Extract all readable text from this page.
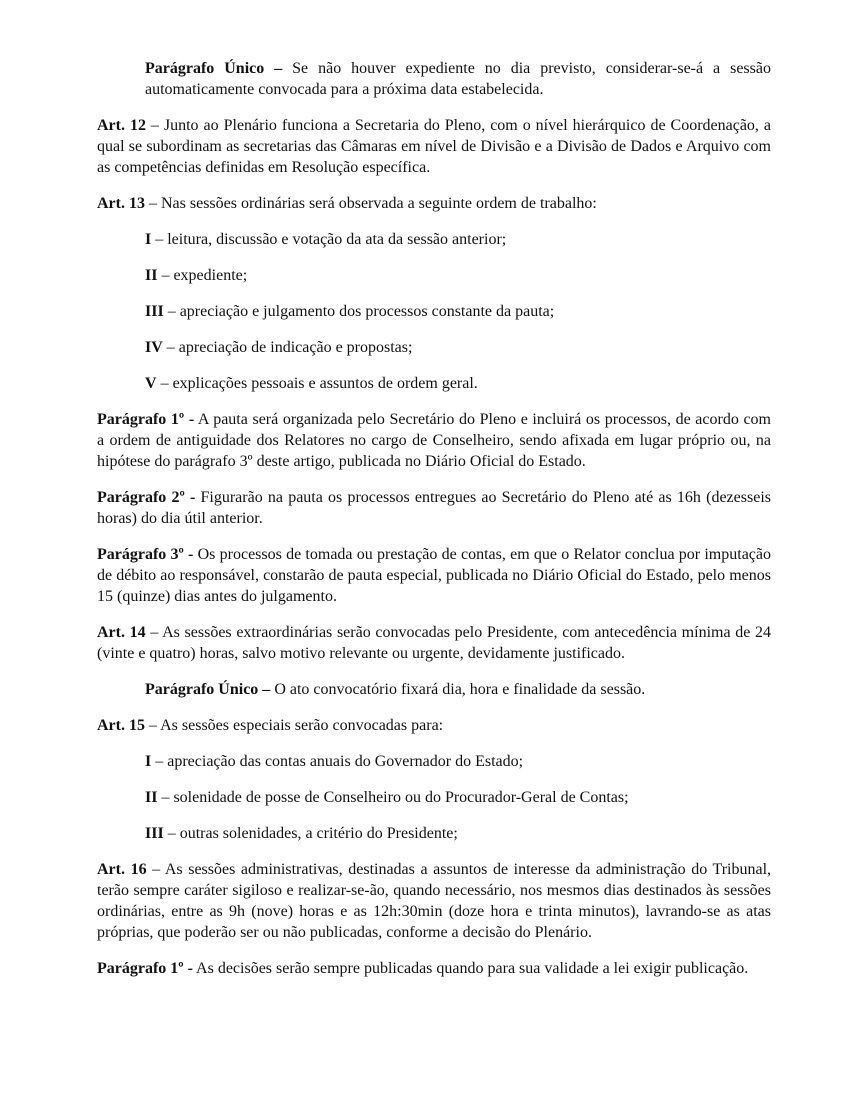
Parágrafo Único – Se não houver expediente no dia previsto, considerar-se-á a sessão automaticamente convocada para a próxima data estabelecida.

Art. 12 – Junto ao Plenário funciona a Secretaria do Pleno, com o nível hierárquico de Coordenação, a qual se subordinam as secretarias das Câmaras em nível de Divisão e a Divisão de Dados e Arquivo com as competências definidas em Resolução específica.

Art. 13 – Nas sessões ordinárias será observada a seguinte ordem de trabalho:

I – leitura, discussão e votação da ata da sessão anterior;

II – expediente;

III – apreciação e julgamento dos processos constante da pauta;

IV – apreciação de indicação e propostas;

V – explicações pessoais e assuntos de ordem geral.

Parágrafo 1º - A pauta será organizada pelo Secretário do Pleno e incluirá os processos, de acordo com a ordem de antiguidade dos Relatores no cargo de Conselheiro, sendo afixada em lugar próprio ou, na hipótese do parágrafo 3º deste artigo, publicada no Diário Oficial do Estado.

Parágrafo 2º - Figurarão na pauta os processos entregues ao Secretário do Pleno até as 16h (dezesseis horas) do dia útil anterior.

Parágrafo 3º - Os processos de tomada ou prestação de contas, em que o Relator conclua por imputação de débito ao responsável, constarão de pauta especial, publicada no Diário Oficial do Estado, pelo menos 15 (quinze) dias antes do julgamento.

Art. 14 – As sessões extraordinárias serão convocadas pelo Presidente, com antecedência mínima de 24 (vinte e quatro) horas, salvo motivo relevante ou urgente, devidamente justificado.

Parágrafo Único – O ato convocatório fixará dia, hora e finalidade da sessão.

Art. 15 – As sessões especiais serão convocadas para:

I – apreciação das contas anuais do Governador do Estado;

II – solenidade de posse de Conselheiro ou do Procurador-Geral de Contas;

III – outras solenidades, a critério do Presidente;

Art. 16 – As sessões administrativas, destinadas a assuntos de interesse da administração do Tribunal, terão sempre caráter sigiloso e realizar-se-ão, quando necessário, nos mesmos dias destinados às sessões ordinárias, entre as 9h (nove) horas e as 12h:30min (doze hora e trinta minutos), lavrando-se as atas próprias, que poderão ser ou não publicadas, conforme a decisão do Plenário.

Parágrafo 1º - As decisões serão sempre publicadas quando para sua validade a lei exigir publicação.
